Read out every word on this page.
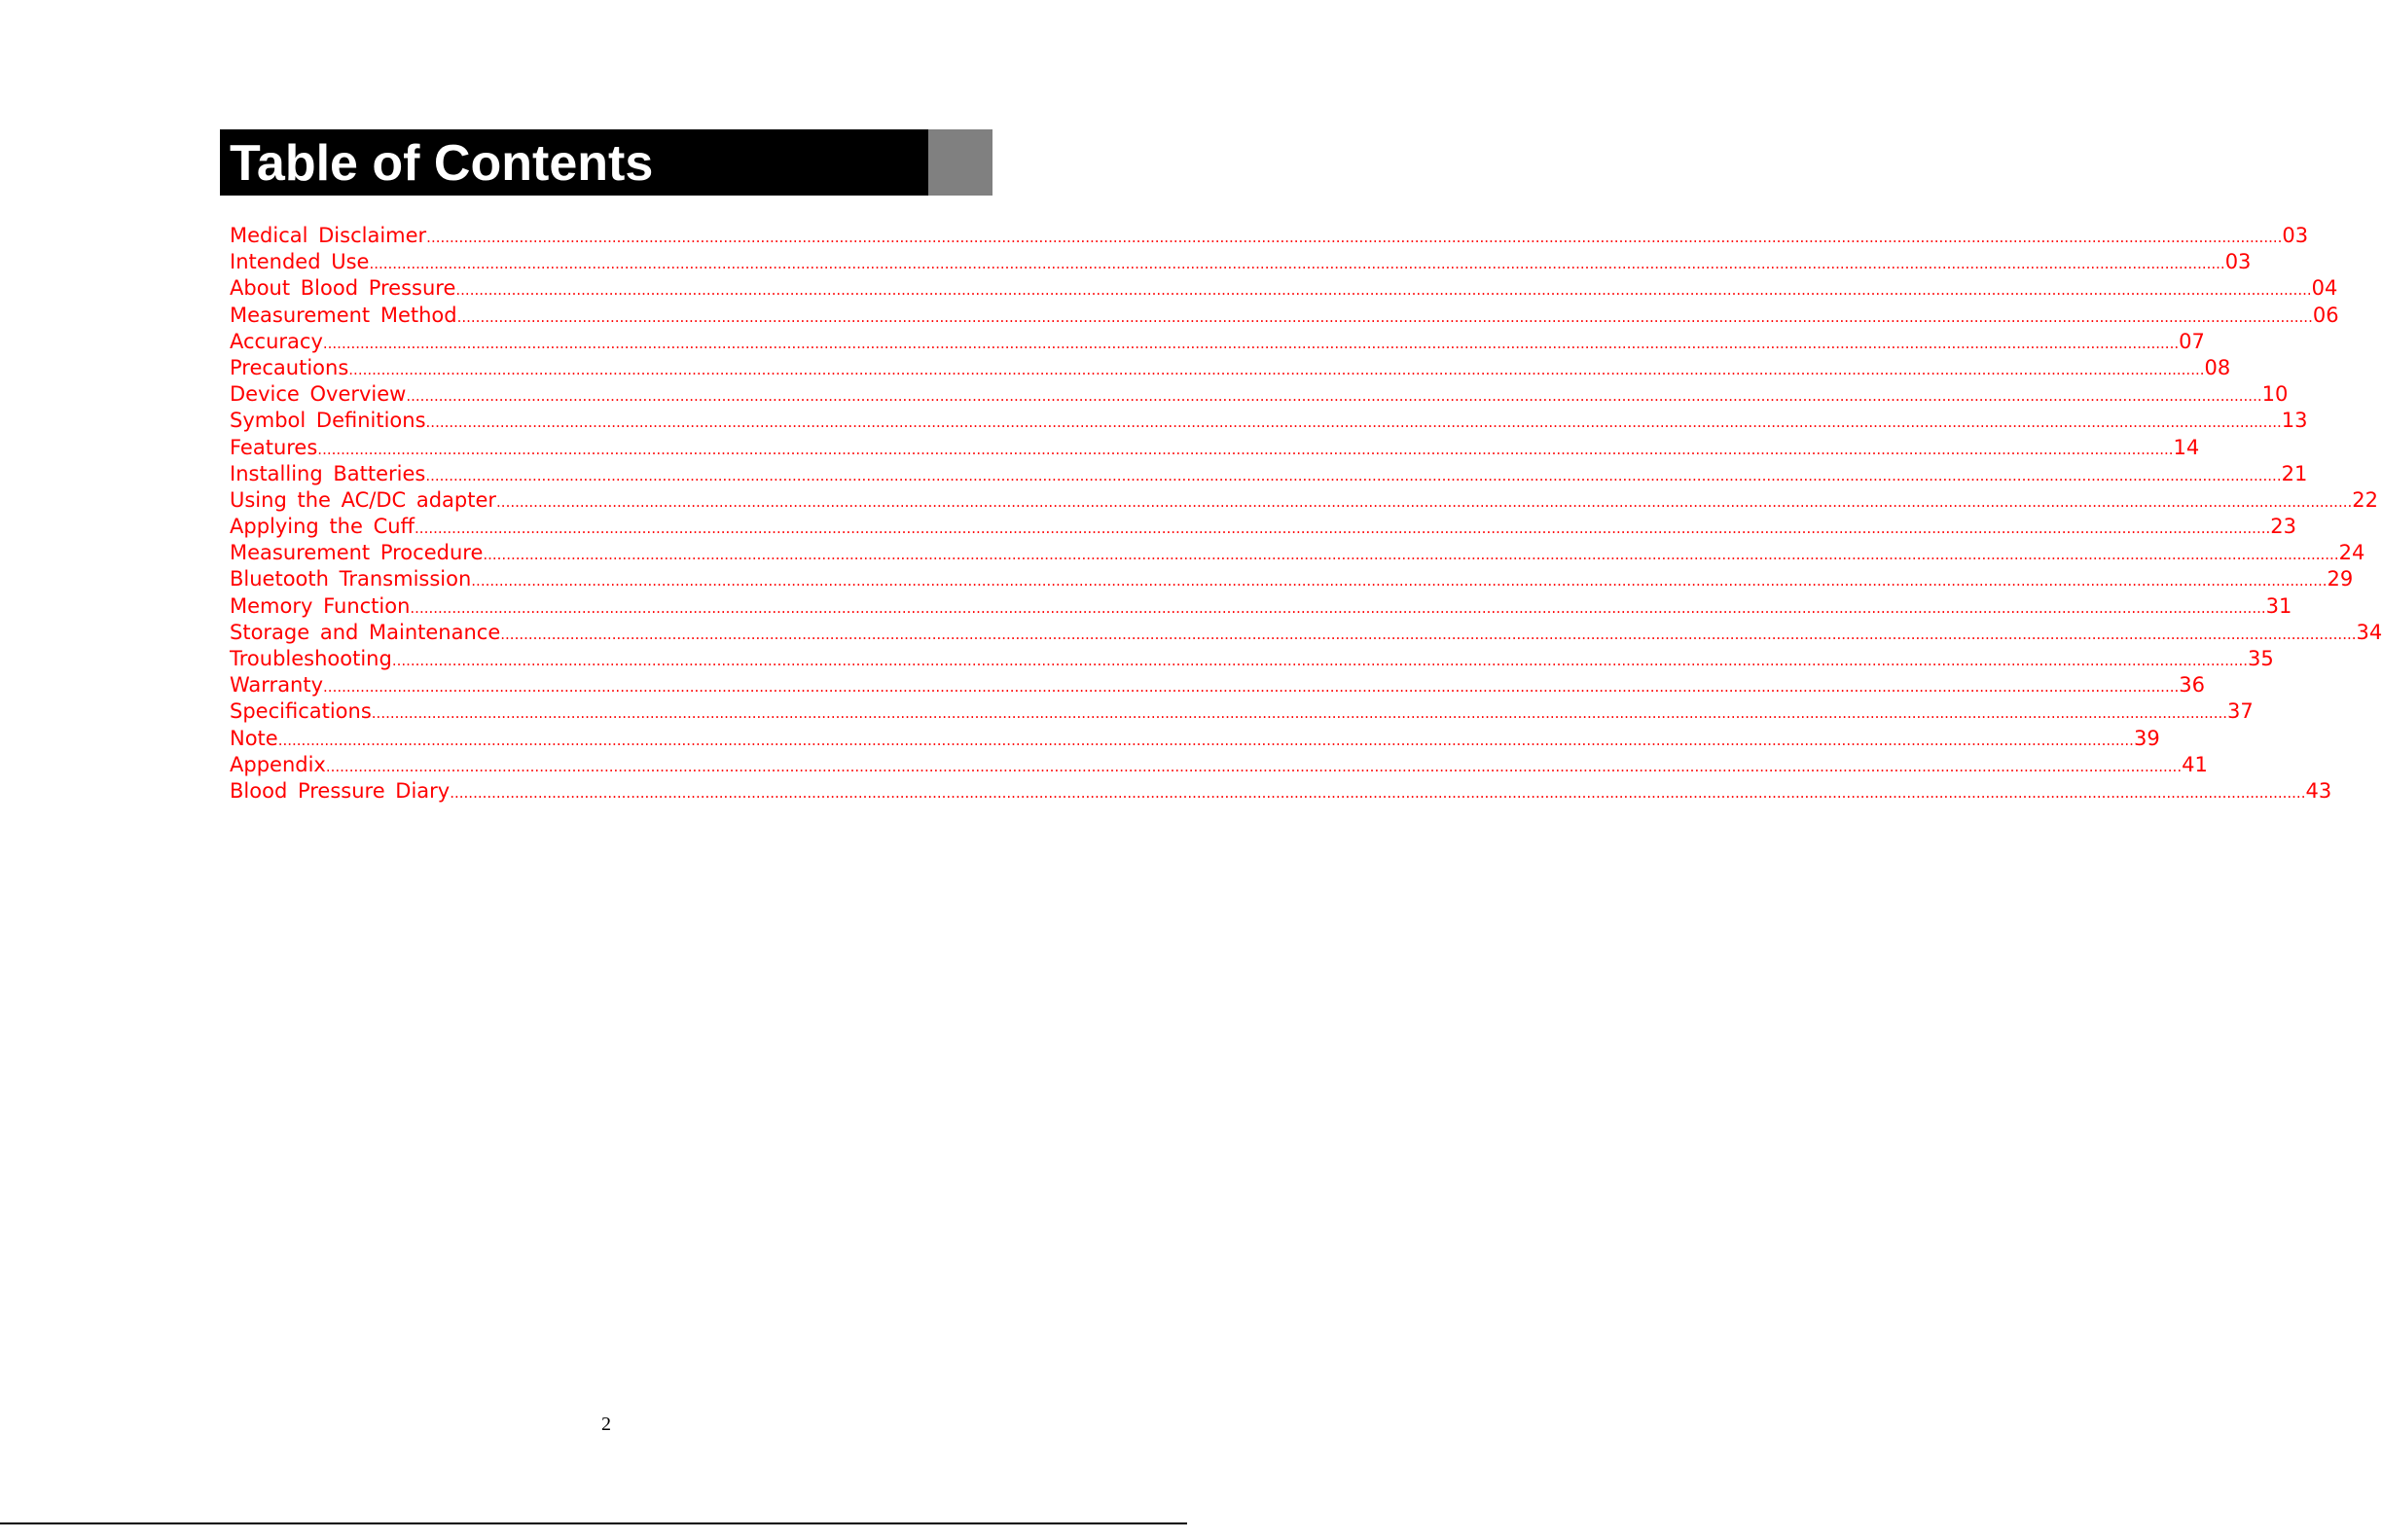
Table of Contents
Medical Disclaimer ................................................................................................................................................................................................................................................................................................................................................................................................................ 03
Intended Use ................................................................................................................................................................................................................................................................................................................................................................................................................ 03
About Blood Pressure ................................................................................................................................................................................................................................................................................................................................................................................................................ 04
Measurement Method ................................................................................................................................................................................................................................................................................................................................................................................................................ 06
Accuracy ................................................................................................................................................................................................................................................................................................................................................................................................................ 07
Precautions ................................................................................................................................................................................................................................................................................................................................................................................................................ 08
Device Overview ................................................................................................................................................................................................................................................................................................................................................................................................................ 10
Symbol Definitions ................................................................................................................................................................................................................................................................................................................................................................................................................ 13
Features ................................................................................................................................................................................................................................................................................................................................................................................................................ 14
Installing Batteries ................................................................................................................................................................................................................................................................................................................................................................................................................ 21
Using the AC/DC adapter ................................................................................................................................................................................................................................................................................................................................................................................................................ 22
Applying the Cuff ................................................................................................................................................................................................................................................................................................................................................................................................................ 23
Measurement Procedure ................................................................................................................................................................................................................................................................................................................................................................................................................ 24
Bluetooth Transmission ................................................................................................................................................................................................................................................................................................................................................................................................................ 29
Memory Function ................................................................................................................................................................................................................................................................................................................................................................................................................ 31
Storage and Maintenance ................................................................................................................................................................................................................................................................................................................................................................................................................ 34
Troubleshooting ................................................................................................................................................................................................................................................................................................................................................................................................................ 35
Warranty ................................................................................................................................................................................................................................................................................................................................................................................................................ 36
Specifications ................................................................................................................................................................................................................................................................................................................................................................................................................ 37
Note ................................................................................................................................................................................................................................................................................................................................................................................................................ 39
Appendix ................................................................................................................................................................................................................................................................................................................................................................................................................ 41
Blood Pressure Diary ................................................................................................................................................................................................................................................................................................................................................................................................................ 43
2
